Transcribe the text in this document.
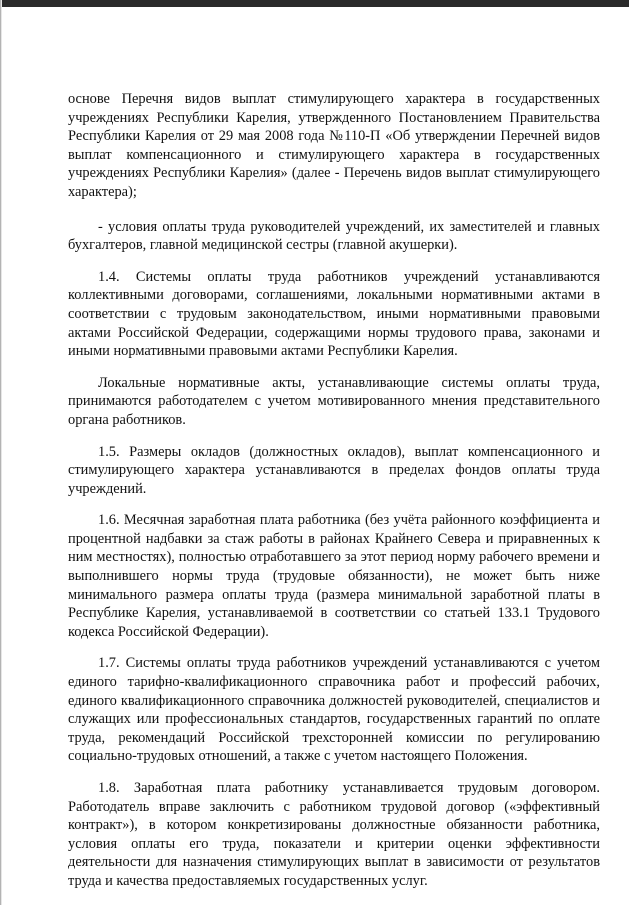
основе Перечня видов выплат стимулирующего характера в государственных учреждениях Республики Карелия, утвержденного Постановлением Правительства Республики Карелия от 29 мая 2008 года №110-П «Об утверждении Перечней видов выплат компенсационного и стимулирующего характера в государственных учреждениях Республики Карелия» (далее - Перечень видов выплат стимулирующего характера);

- условия оплаты труда руководителей учреждений, их заместителей и главных бухгалтеров, главной медицинской сестры (главной акушерки).

1.4. Системы оплаты труда работников учреждений устанавливаются коллективными договорами, соглашениями, локальными нормативными актами в соответствии с трудовым законодательством, иными нормативными правовыми актами Российской Федерации, содержащими нормы трудового права, законами и иными нормативными правовыми актами Республики Карелия.

Локальные нормативные акты, устанавливающие системы оплаты труда, принимаются работодателем с учетом мотивированного мнения представительного органа работников.

1.5. Размеры окладов (должностных окладов), выплат компенсационного и стимулирующего характера устанавливаются в пределах фондов оплаты труда учреждений.

1.6. Месячная заработная плата работника (без учёта районного коэффициента и процентной надбавки за стаж работы в районах Крайнего Севера и приравненных к ним местностях), полностью отработавшего за этот период норму рабочего времени и выполнившего нормы труда (трудовые обязанности), не может быть ниже минимального размера оплаты труда (размера минимальной заработной платы в Республике Карелия, устанавливаемой в соответствии со статьей 133.1 Трудового кодекса Российской Федерации).

1.7. Системы оплаты труда работников учреждений устанавливаются с учетом единого тарифно-квалификационного справочника работ и профессий рабочих, единого квалификационного справочника должностей руководителей, специалистов и служащих или профессиональных стандартов, государственных гарантий по оплате труда, рекомендаций Российской трехсторонней комиссии по регулированию социально-трудовых отношений, а также с учетом настоящего Положения.

1.8. Заработная плата работнику устанавливается трудовым договором. Работодатель вправе заключить с работником трудовой договор («эффективный контракт»), в котором конкретизированы должностные обязанности работника, условия оплаты его труда, показатели и критерии оценки эффективности деятельности для назначения стимулирующих выплат в зависимости от результатов труда и качества предоставляемых государственных услуг.
